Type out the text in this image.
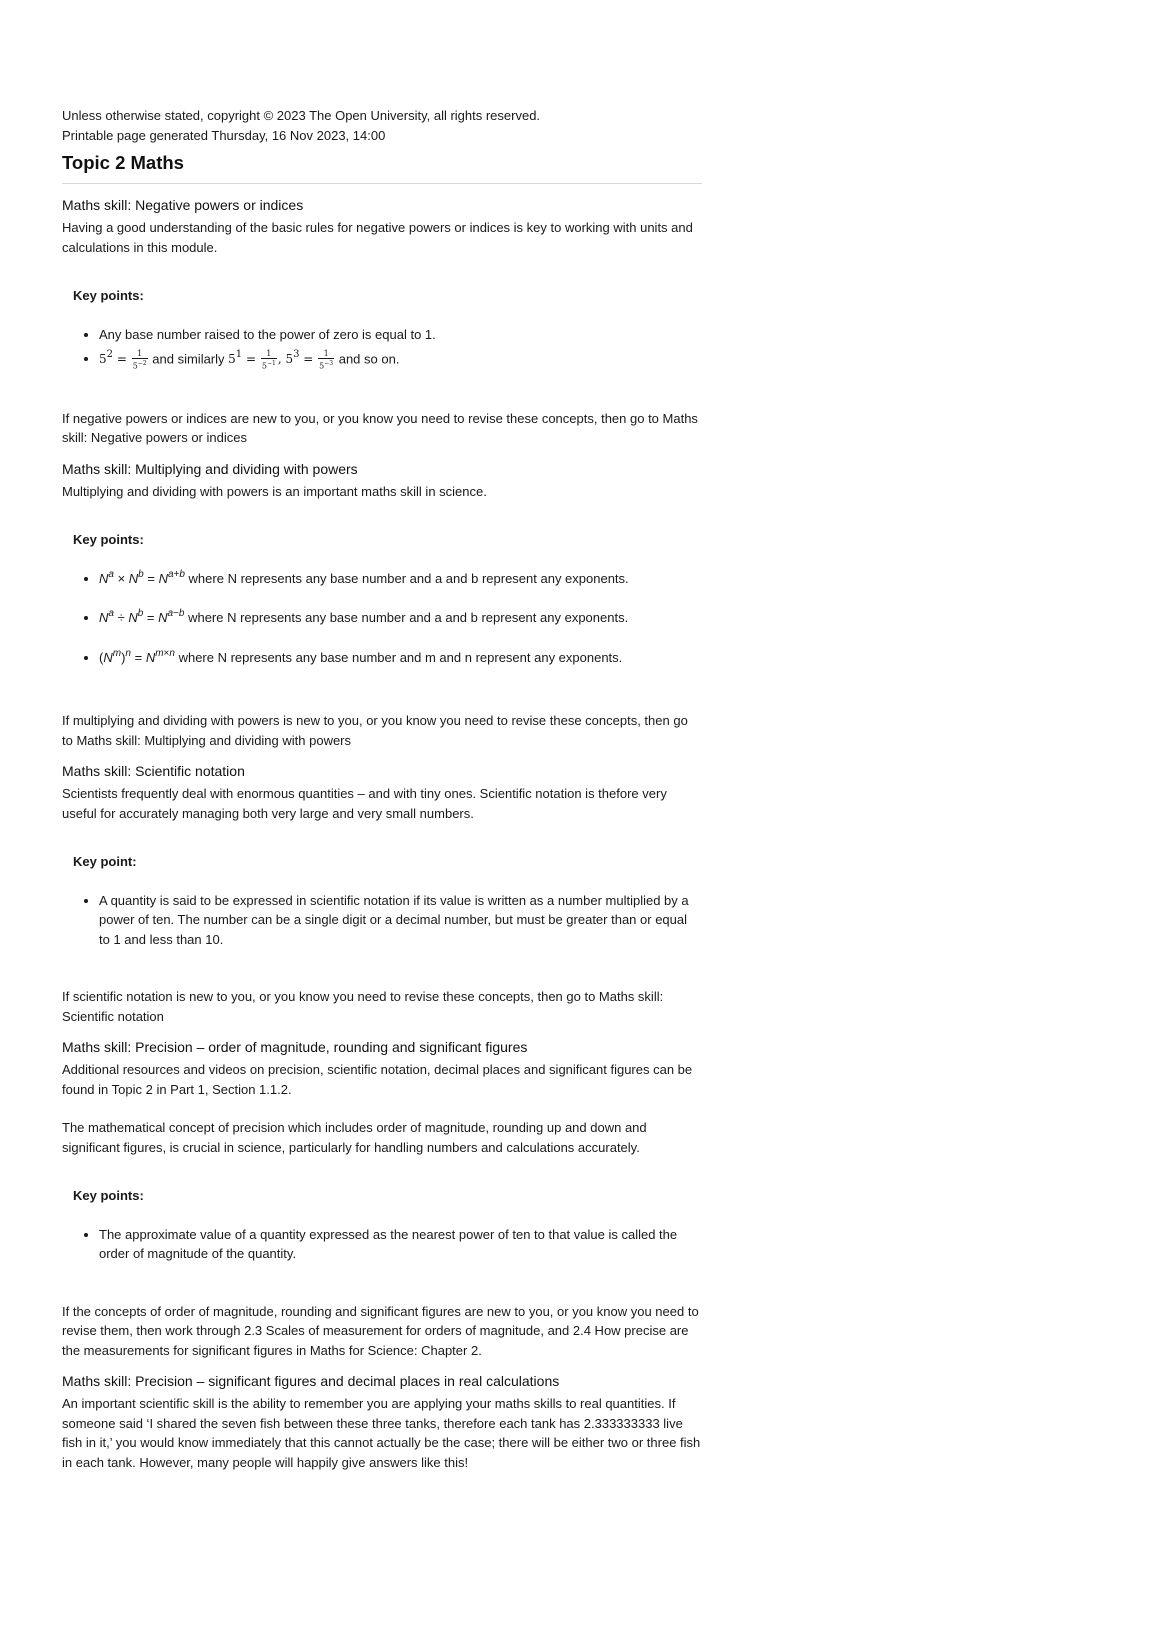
Unless otherwise stated, copyright © 2023 The Open University, all rights reserved.

Printable page generated Thursday, 16 Nov 2023, 14:00

Topic 2 Maths
Maths skill: Negative powers or indices

Having a good understanding of the basic rules for negative powers or indices is key to working with units and calculations in this module.

Key points:

• Any base number raised to the power of zero is equal to 1.
• $5^2 = \frac{1}{5^{-2}}$ and similarly $5^1 = \frac{1}{5^{-1}}$ , $5^3 = \frac{1}{5^{-3}}$ and so on.

If negative powers or indices are new to you, or you know you need to revise these concepts, then go to Maths skill: Negative powers or indices

Maths skill: Multiplying and dividing with powers

Multiplying and dividing with powers is an important maths skill in science.

Key points:

• $N^a \times N^b = N^{a+b}$ where N represents any base number and a and b represent any exponents.
• $N^a \div N^b = N^{a-b}$ where N represents any base number and a and b represent any exponents.
• $(N^m)^n = N^{m\times n}$ where N represents any base number and m and n represent any exponents.

If multiplying and dividing with powers is new to you, or you know you need to revise these concepts, then go to Maths skill: Multiplying and dividing with powers

Maths skill: Scientific notation

Scientists frequently deal with enormous quantities – and with tiny ones. Scientific notation is thefore very useful for accurately managing both very large and very small numbers.

Key point:

• A quantity is said to be expressed in scientific notation if its value is written as a number multiplied by a power of ten. The number can be a single digit or a decimal number, but must be greater than or equal to 1 and less than 10.

If scientific notation is new to you, or you know you need to revise these concepts, then go to Maths skill: Scientific notation

Maths skill: Precision – order of magnitude, rounding and significant figures

Additional resources and videos on precision, scientific notation, decimal places and significant figures can be found in Topic 2 in Part 1, Section 1.1.2.

The mathematical concept of precision which includes order of magnitude, rounding up and down and significant figures, is crucial in science, particularly for handling numbers and calculations accurately.

Key points:

• The approximate value of a quantity expressed as the nearest power of ten to that value is called the order of magnitude of the quantity.

If the concepts of order of magnitude, rounding and significant figures are new to you, or you know you need to revise them, then work through 2.3 Scales of measurement for orders of magnitude, and 2.4 How precise are the measurements for significant figures in Maths for Science: Chapter 2.

Maths skill: Precision – significant figures and decimal places in real calculations

An important scientific skill is the ability to remember you are applying your maths skills to real quantities. If someone said ‘I shared the seven fish between these three tanks, therefore each tank has 2.333333333 live fish in it,’ you would know immediately that this cannot actually be the case; there will be either two or three fish in each tank. However, many people will happily give answers like this!
